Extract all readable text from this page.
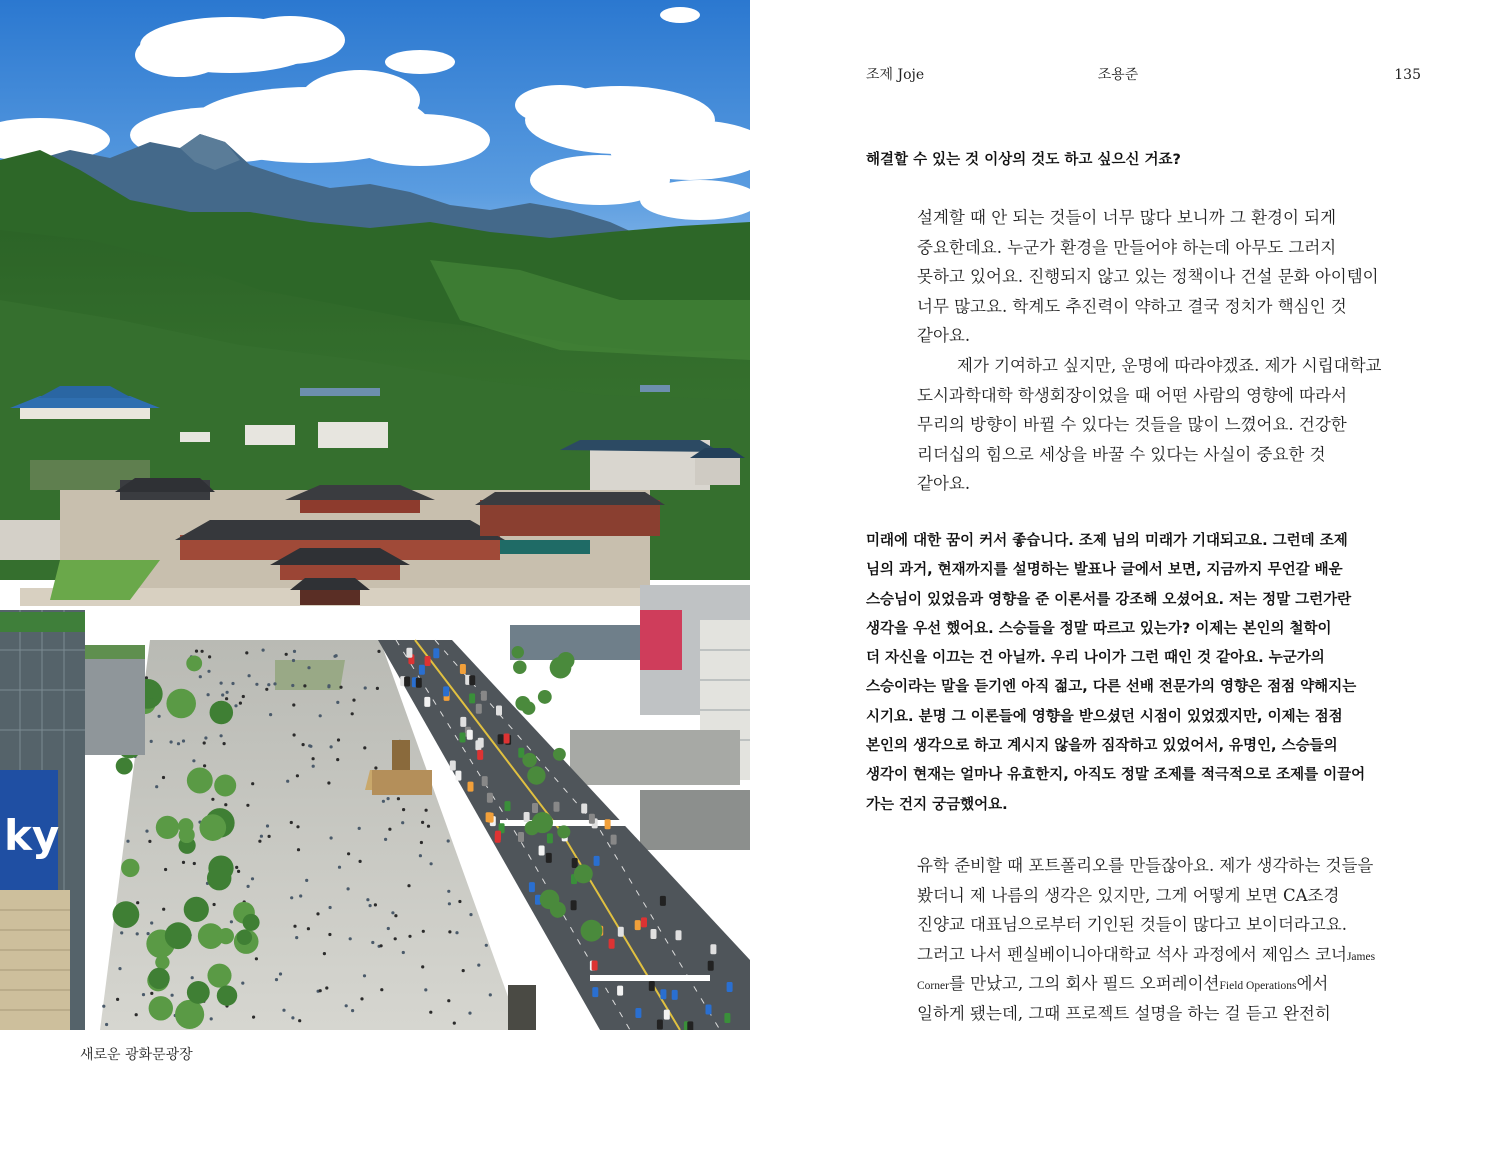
ky
새로운 광화문광장
조제 Joje	조용준	135
해결할 수 있는 것 이상의 것도 하고 싶으신 거죠?
설계할 때 안 되는 것들이 너무 많다 보니까 그 환경이 되게
중요한데요. 누군가 환경을 만들어야 하는데 아무도 그러지
못하고 있어요. 진행되지 않고 있는 정책이나 건설 문화 아이템이
너무 많고요. 학계도 추진력이 약하고 결국 정치가 핵심인 것
같아요.
제가 기여하고 싶지만, 운명에 따라야겠죠. 제가 시립대학교
도시과학대학 학생회장이었을 때 어떤 사람의 영향에 따라서
무리의 방향이 바뀔 수 있다는 것들을 많이 느꼈어요. 건강한
리더십의 힘으로 세상을 바꿀 수 있다는 사실이 중요한 것
같아요.
미래에 대한 꿈이 커서 좋습니다. 조제 님의 미래가 기대되고요. 그런데 조제
님의 과거, 현재까지를 설명하는 발표나 글에서 보면, 지금까지 무언갈 배운
스승님이 있었음과 영향을 준 이론서를 강조해 오셨어요. 저는 정말 그런가란
생각을 우선 했어요. 스승들을 정말 따르고 있는가? 이제는 본인의 철학이
더 자신을 이끄는 건 아닐까. 우리 나이가 그런 때인 것 같아요. 누군가의
스승이라는 말을 듣기엔 아직 젊고, 다른 선배 전문가의 영향은 점점 약해지는
시기요. 분명 그 이론들에 영향을 받으셨던 시점이 있었겠지만, 이제는 점점
본인의 생각으로 하고 계시지 않을까 짐작하고 있었어서, 유명인, 스승들의
생각이 현재는 얼마나 유효한지, 아직도 정말 조제를 적극적으로 조제를 이끌어
가는 건지 궁금했어요.
유학 준비할 때 포트폴리오를 만들잖아요. 제가 생각하는 것들을
봤더니 제 나름의 생각은 있지만, 그게 어떻게 보면 CA조경
진양교 대표님으로부터 기인된 것들이 많다고 보이더라고요.
그러고 나서 펜실베이니아대학교 석사 과정에서 제임스 코너James
Corner를 만났고, 그의 회사 필드 오퍼레이션Field Operations에서
일하게 됐는데, 그때 프로젝트 설명을 하는 걸 듣고 완전히
